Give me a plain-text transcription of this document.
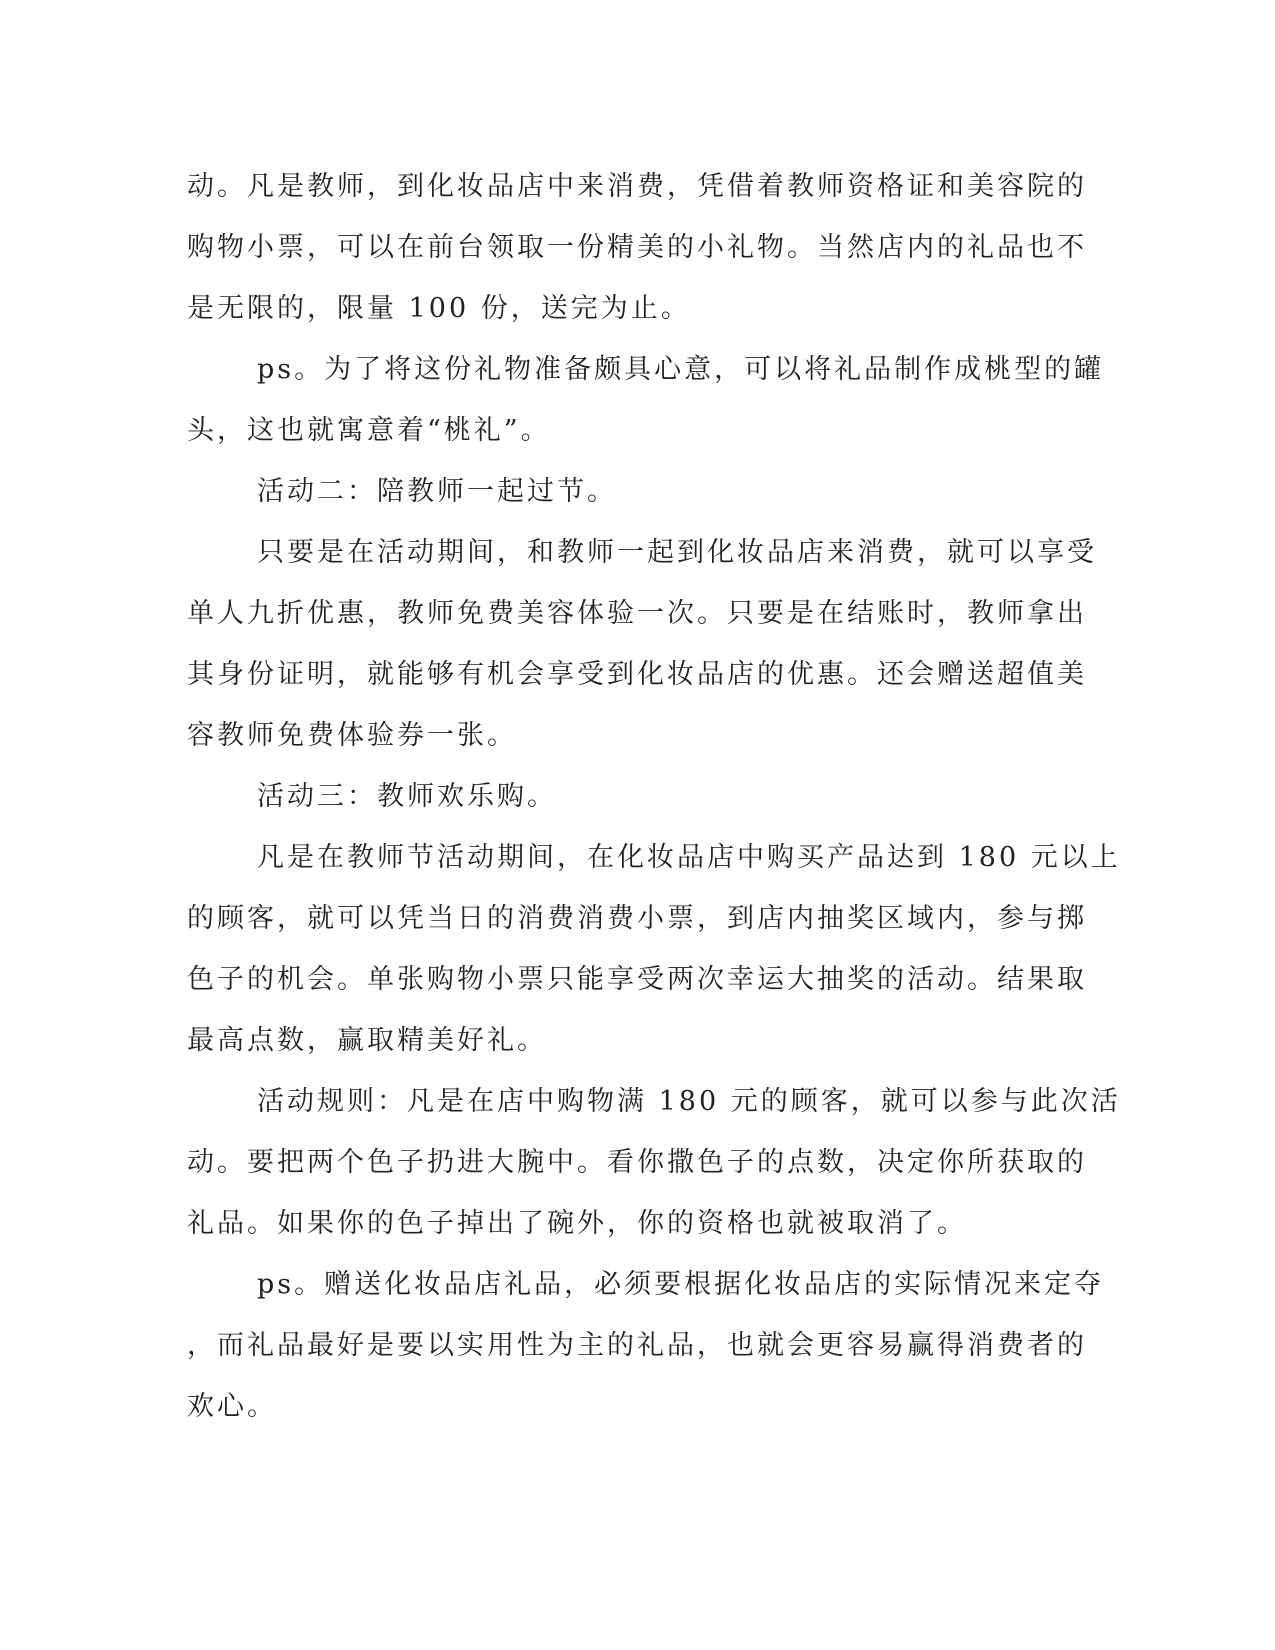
动。凡是教师，到化妆品店中来消费，凭借着教师资格证和美容院的
购物小票，可以在前台领取一份精美的小礼物。当然店内的礼品也不
是无限的，限量 100 份，送完为止。
ps。为了将这份礼物准备颇具心意，可以将礼品制作成桃型的罐
头，这也就寓意着“桃礼”。
活动二：陪教师一起过节。
只要是在活动期间，和教师一起到化妆品店来消费，就可以享受
单人九折优惠，教师免费美容体验一次。只要是在结账时，教师拿出
其身份证明，就能够有机会享受到化妆品店的优惠。还会赠送超值美
容教师免费体验券一张。
活动三：教师欢乐购。
凡是在教师节活动期间，在化妆品店中购买产品达到 180 元以上
的顾客，就可以凭当日的消费消费小票，到店内抽奖区域内，参与掷
色子的机会。单张购物小票只能享受两次幸运大抽奖的活动。结果取
最高点数，赢取精美好礼。
活动规则：凡是在店中购物满 180 元的顾客，就可以参与此次活
动。要把两个色子扔进大腕中。看你撒色子的点数，决定你所获取的
礼品。如果你的色子掉出了碗外，你的资格也就被取消了。
ps。赠送化妆品店礼品，必须要根据化妆品店的实际情况来定夺
，而礼品最好是要以实用性为主的礼品，也就会更容易赢得消费者的
欢心。
